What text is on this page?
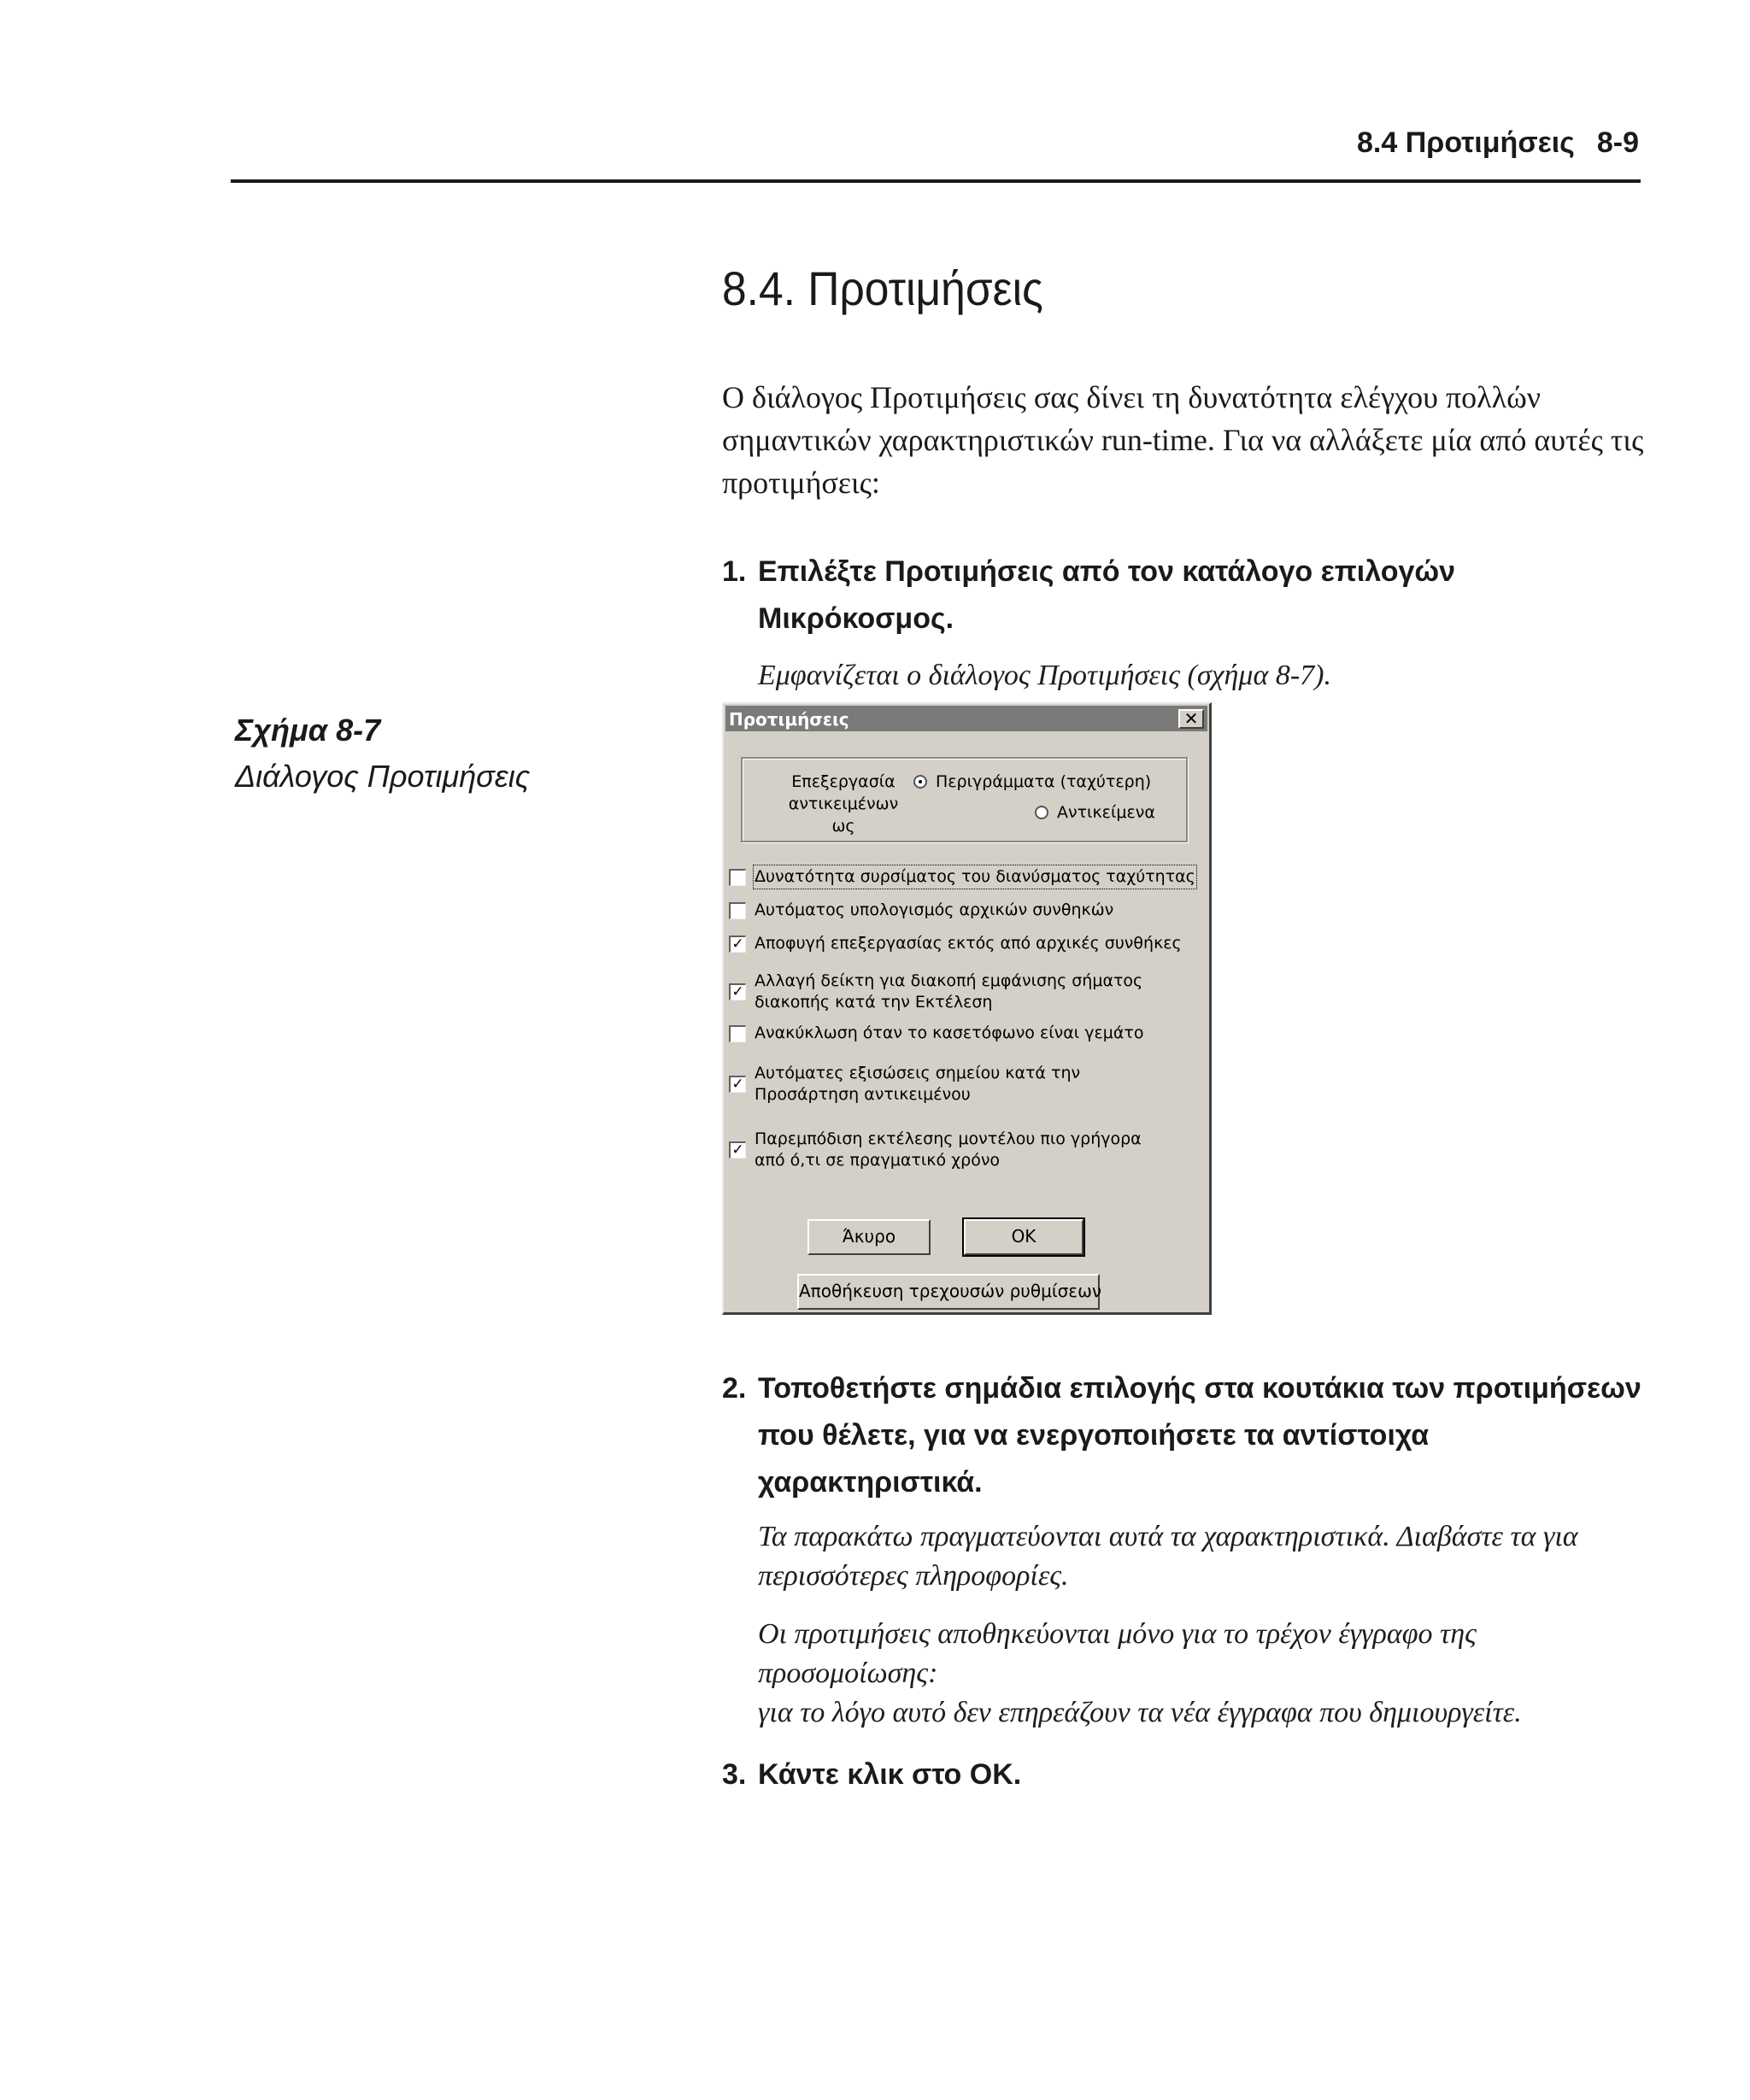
8.4 Προτιμήσεις 8-9
8.4. Προτιμήσεις

Ο διάλογος Προτιμήσεις σας δίνει τη δυνατότητα ελέγχου πολλών σημαντικών χαρακτηριστικών run-time. Για να αλλάξετε μία από αυτές τις προτιμήσεις:

1. Επιλέξτε Προτιμήσεις από τον κατάλογο επιλογών Μικρόκοσμος.

Εμφανίζεται ο διάλογος Προτιμήσεις (σχήμα 8-7).

Σχήμα 8-7
Διάλογος Προτιμήσεις
Προτιμήσεις	✕
Επεξεργασία αντικειμένων ως
Περιγράμματα (ταχύτερη)
Αντικείμενα
Δυνατότητα συρσίματος του διανύσματος ταχύτητας
Αυτόματος υπολογισμός αρχικών συνθηκών
✓ Αποφυγή επεξεργασίας εκτός από αρχικές συνθήκες
✓
Αλλαγή δείκτη για διακοπή εμφάνισης σήματος διακοπής κατά την Εκτέλεση
Ανακύκλωση όταν το κασετόφωνο είναι γεμάτο
✓
Αυτόματες εξισώσεις σημείου κατά την Προσάρτηση αντικειμένου
✓
Παρεμπόδιση εκτέλεσης μοντέλου πιο γρήγορα από ό,τι σε πραγματικό χρόνο
Άκυρο	OK
Αποθήκευση τρεχουσών ρυθμίσεων
2. Τοποθετήστε σημάδια επιλογής στα κουτάκια των προτιμήσεων που θέλετε, για να ενεργοποιήσετε τα αντίστοιχα χαρακτηριστικά.

Τα παρακάτω πραγματεύονται αυτά τα χαρακτηριστικά. Διαβάστε τα για περισσότερες πληροφορίες.

Οι προτιμήσεις αποθηκεύονται μόνο για το τρέχον έγγραφο της προσομοίωσης:
για το λόγο αυτό δεν επηρεάζουν τα νέα έγγραφα που δημιουργείτε.

3. Κάντε κλικ στο OK.
